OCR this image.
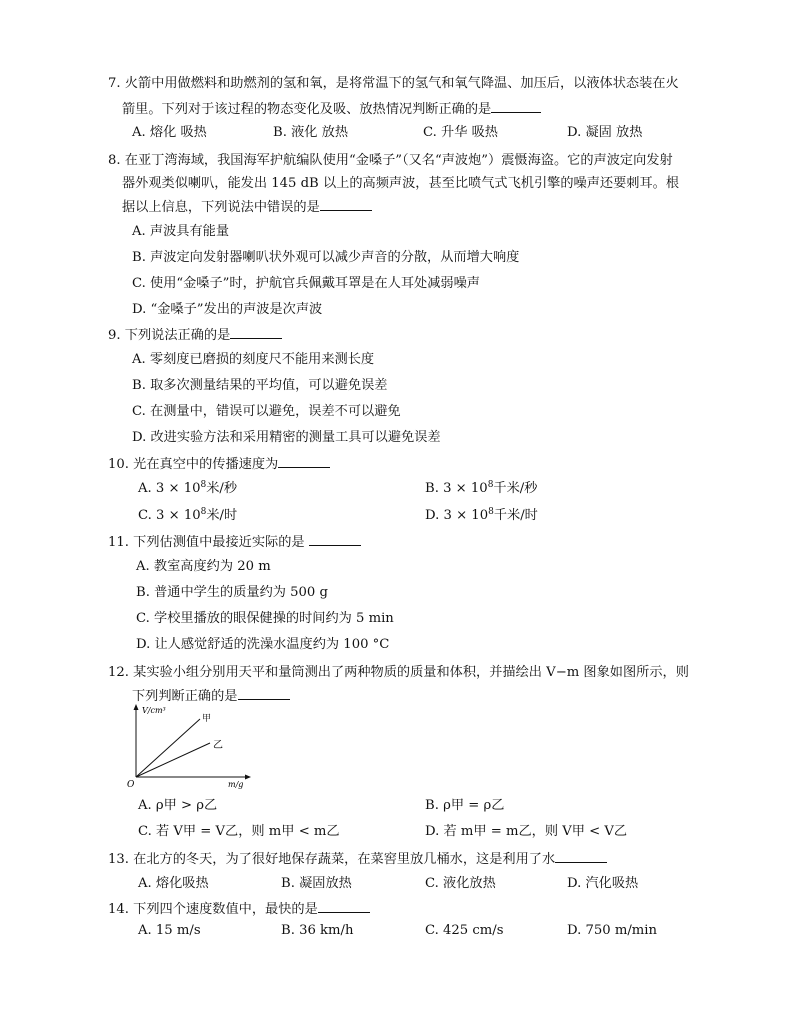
7. 火箭中用做燃料和助燃剂的氢和氧，是将常温下的氢气和氧气降温、加压后，以液体状态装在火
箭里。下列对于该过程的物态变化及吸、放热情况判断正确的是
A. 熔化 吸热	B. 液化 放热	C. 升华 吸热	D. 凝固 放热
8. 在亚丁湾海域，我国海军护航编队使用“金嗓子”（又名“声波炮”）震慑海盗。它的声波定向发射
器外观类似喇叭，能发出 145 dB 以上的高频声波，甚至比喷气式飞机引擎的噪声还要刺耳。根
据以上信息，下列说法中错误的是
A. 声波具有能量
B. 声波定向发射器喇叭状外观可以减少声音的分散，从而增大响度
C. 使用“金嗓子”时，护航官兵佩戴耳罩是在人耳处减弱噪声
D. “金嗓子”发出的声波是次声波
9. 下列说法正确的是
A. 零刻度已磨损的刻度尺不能用来测长度
B. 取多次测量结果的平均值，可以避免误差
C. 在测量中，错误可以避免，误差不可以避免
D. 改进实验方法和采用精密的测量工具可以避免误差
10. 光在真空中的传播速度为
A. $3 \times 10^8$米/秒	B. $3 \times 10^8$千米/秒
C. $3 \times 10^8$米/时	D. $3 \times 10^8$千米/时
11. 下列估测值中最接近实际的是
A. 教室高度约为 20 m
B. 普通中学生的质量约为 500 g
C. 学校里播放的眼保健操的时间约为 5 min
D. 让人感觉舒适的洗澡水温度约为 100 °C
12. 某实验小组分别用天平和量筒测出了两种物质的质量和体积，并描绘出 V−m 图象如图所示，则
下列判断正确的是
V/cm³
m/g
O
甲
乙
A. ρ甲 > ρ乙	B. ρ甲 = ρ乙
C. 若 V甲 = V乙，则 m甲 < m乙	D. 若 m甲 = m乙，则 V甲 < V乙
13. 在北方的冬天，为了很好地保存蔬菜，在菜窖里放几桶水，这是利用了水
A. 熔化吸热	B. 凝固放热	C. 液化放热	D. 汽化吸热
14. 下列四个速度数值中，最快的是
A. 15 m/s	B. 36 km/h	C. 425 cm/s	D. 750 m/min
